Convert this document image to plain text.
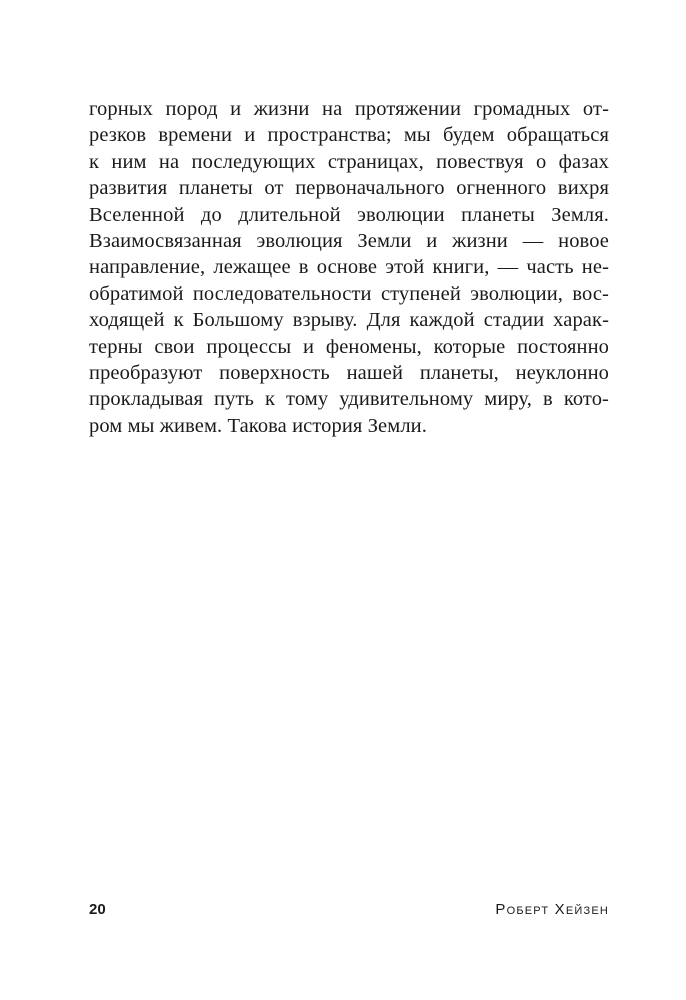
горных пород и жизни на протяжении громадных от-
резков времени и пространства; мы будем обращаться
к ним на последующих страницах, повествуя о фазах
развития планеты от первоначального огненного вихря
Вселенной до длительной эволюции планеты Земля.
Взаимосвязанная эволюция Земли и жизни — новое
направление, лежащее в основе этой книги, — часть не-
обратимой последовательности ступеней эволюции, вос-
ходящей к Большому взрыву. Для каждой стадии харак-
терны свои процессы и феномены, которые постоянно
преобразуют поверхность нашей планеты, неуклонно
прокладывая путь к тому удивительному миру, в кото-
ром мы живем. Такова история Земли.
20	Роберт Хейзен
